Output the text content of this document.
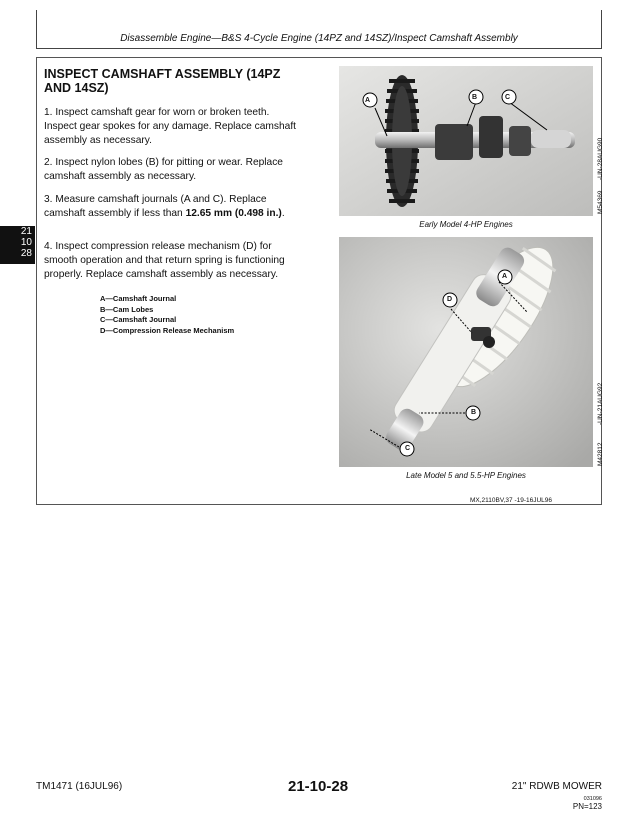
Disassemble Engine—B&S 4-Cycle Engine (14PZ and 14SZ)/Inspect Camshaft Assembly
21
10
28
INSPECT CAMSHAFT ASSEMBLY (14PZ
AND 14SZ)
1. Inspect camshaft gear for worn or broken teeth.
Inspect gear spokes for any damage. Replace camshaft
assembly as necessary.
2. Inspect nylon lobes (B) for pitting or wear. Replace
camshaft assembly as necessary.
3. Measure camshaft journals (A and C). Replace
camshaft assembly if less than 12.65 mm (0.498 in.).
4. Inspect compression release mechanism (D) for
smooth operation and that return spring is functioning
properly. Replace camshaft assembly as necessary.
A—Camshaft Journal
B—Cam Lobes
C—Camshaft Journal
D—Compression Release Mechanism
A	B	C
Early Model 4-HP Engines
M54369
-UN-28AUG90
A
D
B
C
Late Model 5 and 5.5-HP Engines
M42812
-UN-21AUG92
MX,2110BV,37 -19-16JUL96
TM1471 (16JUL96)	21-10-28	21" RDWB MOWER
031096
PN=123
